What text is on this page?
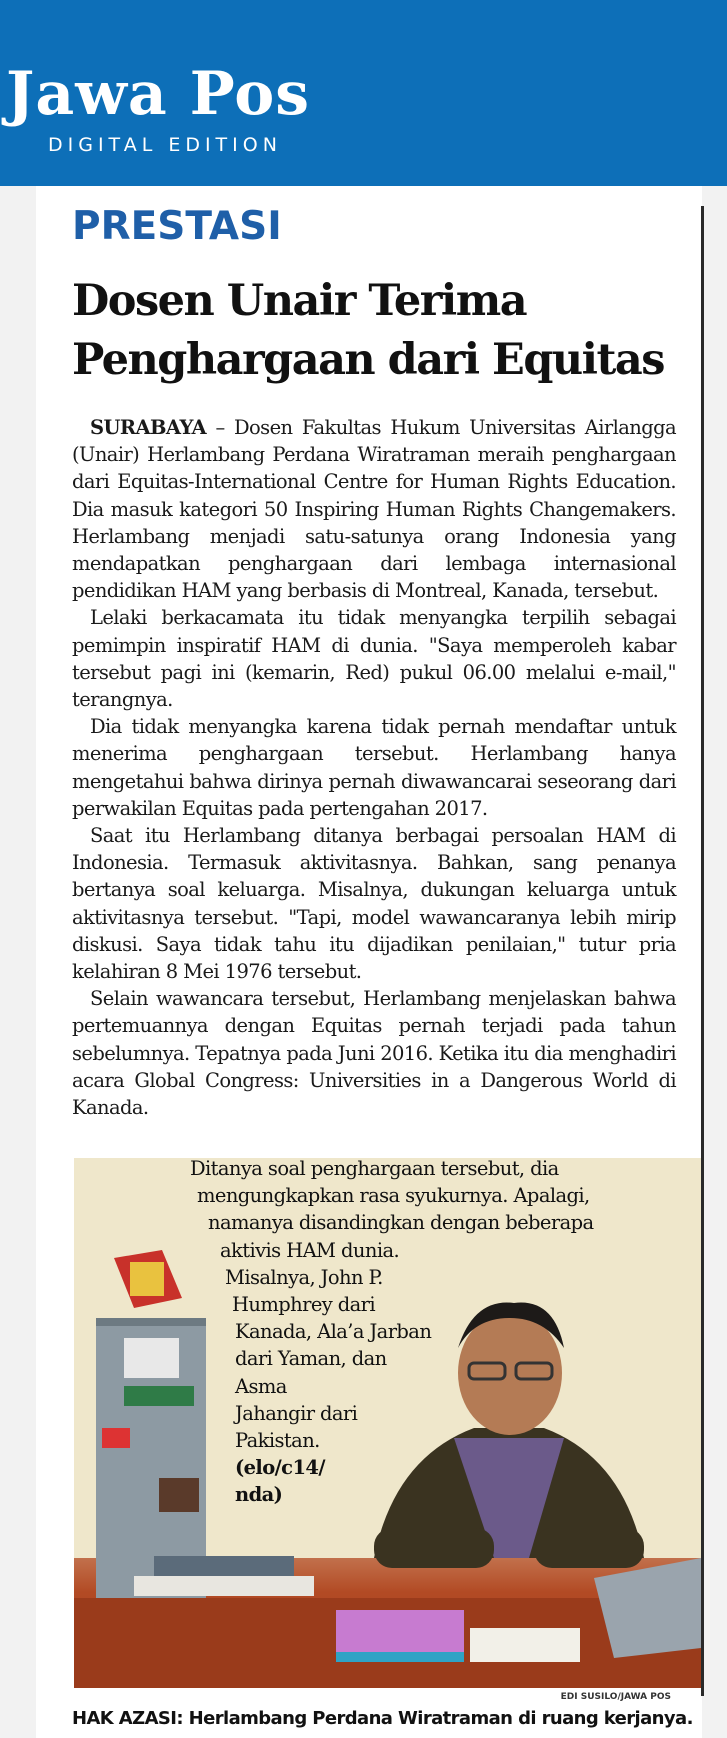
Jawa Pos
DIGITAL EDITION
PRESTASI
Dosen Unair Terima Penghargaan dari Equitas

SURABAYA – Dosen Fakultas Hukum Universitas Airlangga (Unair) Herlambang Perdana Wiratraman meraih penghargaan dari Equitas-International Centre for Human Rights Education. Dia masuk kategori 50 Inspiring Human Rights Changemakers. Herlambang menjadi satu-satunya orang Indonesia yang mendapatkan penghargaan dari lembaga internasional pendidikan HAM yang berbasis di Montreal, Kanada, tersebut.

Lelaki berkacamata itu tidak menyangka terpilih sebagai pemimpin inspiratif HAM di dunia. "Saya memperoleh kabar tersebut pagi ini (kemarin, Red) pukul 06.00 melalui e-mail," terangnya.

Dia tidak menyangka karena tidak pernah mendaftar untuk menerima penghargaan tersebut. Herlambang hanya mengetahui bahwa dirinya pernah diwawancarai seseorang dari perwakilan Equitas pada pertengahan 2017.

Saat itu Herlambang ditanya berbagai persoalan HAM di Indonesia. Termasuk aktivitasnya. Bahkan, sang penanya bertanya soal keluarga. Misalnya, dukungan keluarga untuk aktivitasnya tersebut. "Tapi, model wawancaranya lebih mirip diskusi. Saya tidak tahu itu dijadikan penilaian," tutur pria kelahiran 8 Mei 1976 tersebut.

Selain wawancara tersebut, Herlambang menjelaskan bahwa pertemuannya dengan Equitas pernah terjadi pada tahun sebelumnya. Tepatnya pada Juni 2016. Ketika itu dia menghadiri acara Global Congress: Universities in a Dangerous World di Kanada.

Ditanya soal penghargaan tersebut, dia
mengungkapkan rasa syukurnya. Apalagi,
namanya disandingkan dengan beberapa
aktivis HAM dunia.
Misalnya, John P.
Humphrey dari
Kanada, Ala’a Jarban
dari Yaman, dan
Asma
Jahangir dari
Pakistan.
(elo/c14/
nda)
EDI SUSILO/JAWA POS
HAK AZASI: Herlambang Perdana Wiratraman di ruang kerjanya.
